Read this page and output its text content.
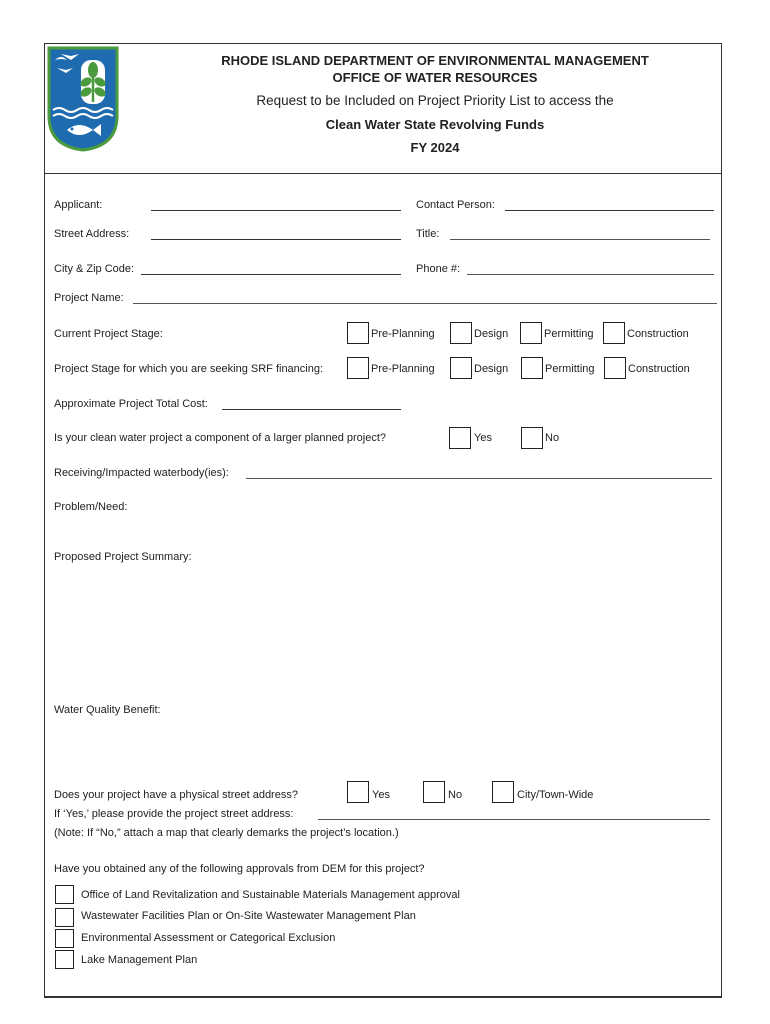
RHODE ISLAND DEPARTMENT OF ENVIRONMENTAL MANAGEMENT
OFFICE OF WATER RESOURCES
Request to be Included on Project Priority List to access the
Clean Water State Revolving Funds
FY 2024
Applicant:	Contact Person:
Street Address:	Title:
City & Zip Code:	Phone #:
Project Name:
Current Project Stage:	Pre-Planning	Design	Permitting	Construction
Project Stage for which you are seeking SRF financing:	Pre-Planning	Design	Permitting	Construction
Approximate Project Total Cost:
Is your clean water project a component of a larger planned project?	Yes	No
Receiving/Impacted waterbody(ies):
Problem/Need:
Proposed Project Summary:
Water Quality Benefit:
Does your project have a physical street address?	Yes	No	City/Town-Wide
If ‘Yes,’ please provide the project street address:
(Note: If “No,” attach a map that clearly demarks the project’s location.)
Have you obtained any of the following approvals from DEM for this project?
Office of Land Revitalization and Sustainable Materials Management approval
Wastewater Facilities Plan or On-Site Wastewater Management Plan
Environmental Assessment or Categorical Exclusion
Lake Management Plan
